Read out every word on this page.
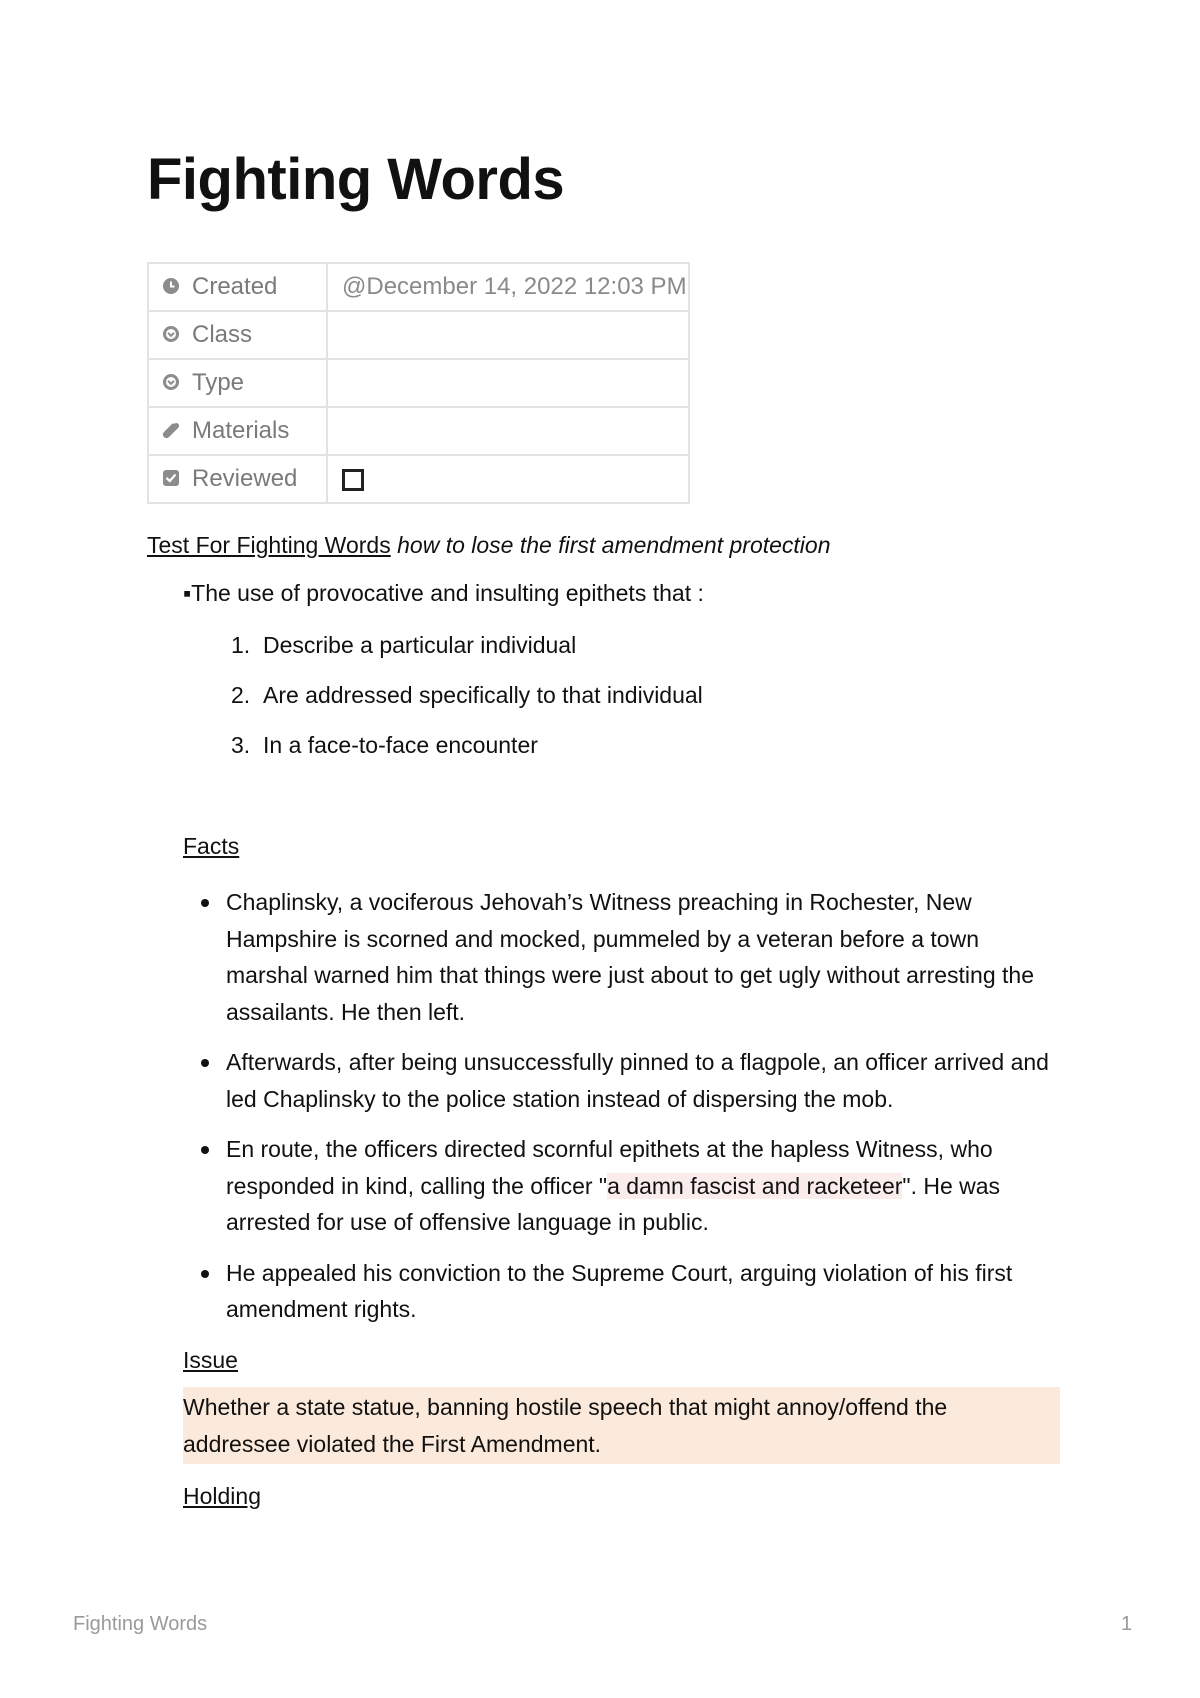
Fighting Words
Created	@December 14, 2022 12:03 PM
Class	
Type	
Materials	
Reviewed	
Test For Fighting Words how to lose the first amendment protection
▪The use of provocative and insulting epithets that :
1. Describe a particular individual
2. Are addressed specifically to that individual
3. In a face-to-face encounter
Facts
Chaplinsky, a vociferous Jehovah’s Witness preaching in Rochester, New Hampshire is scorned and mocked, pummeled by a veteran before a town marshal warned him that things were just about to get ugly without arresting the assailants. He then left.
Afterwards, after being unsuccessfully pinned to a flagpole, an officer arrived and led Chaplinsky to the police station instead of dispersing the mob.
En route, the officers directed scornful epithets at the hapless Witness, who responded in kind, calling the officer "a damn fascist and racketeer". He was arrested for use of offensive language in public.
He appealed his conviction to the Supreme Court, arguing violation of his first amendment rights.
Issue
Whether a state statue, banning hostile speech that might annoy/offend the addressee violated the First Amendment.
Holding
Fighting Words	1
